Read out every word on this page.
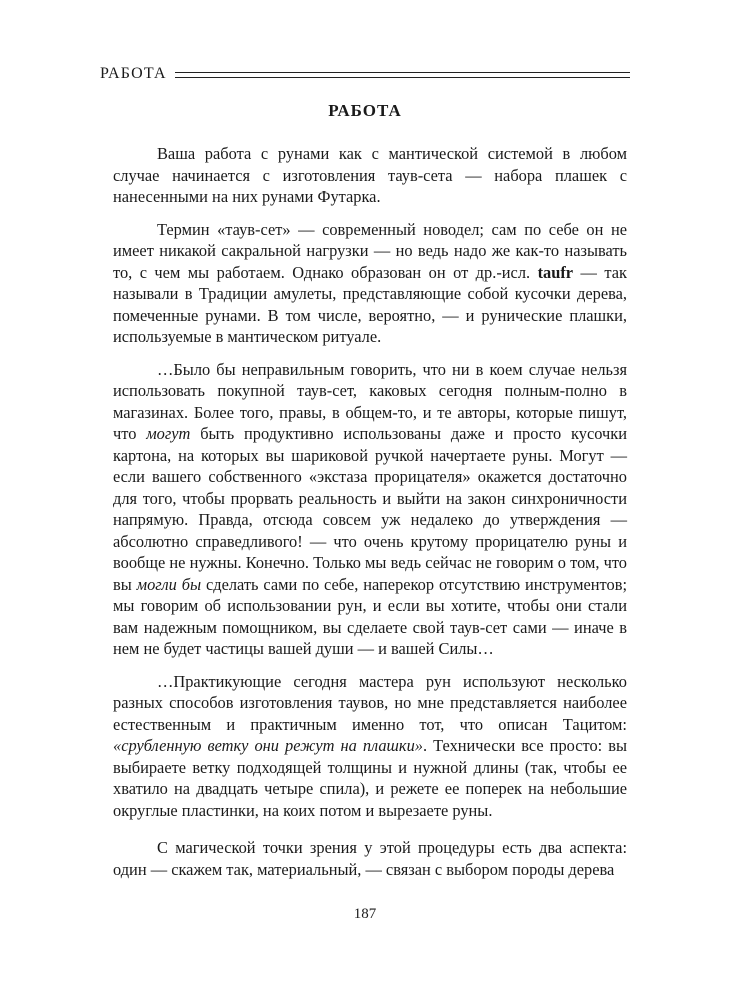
РАБОТА
РАБОТА

Ваша работа с рунами как с мантической системой в любом случае начинается с изготовления таув-сета — набора плашек с нанесенными на них рунами Футарка.

Термин «таув-сет» — современный новодел; сам по себе он не имеет никакой сакральной нагрузки — но ведь надо же как-то называть то, с чем мы работаем. Однако образован он от др.-исл. taufr — так называли в Традиции амулеты, представляющие собой кусочки дерева, помеченные рунами. В том числе, вероятно, — и рунические плашки, используемые в мантическом ритуале.

…Было бы неправильным говорить, что ни в коем случае нельзя использовать покупной таув-сет, каковых сегодня полным-полно в магазинах. Более того, правы, в общем-то, и те авторы, которые пишут, что могут быть продуктивно использованы даже и просто кусочки картона, на которых вы шариковой ручкой начертаете руны. Могут — если вашего собственного «экстаза прорицателя» окажется достаточно для того, чтобы прорвать реальность и выйти на закон синхроничности напрямую. Правда, отсюда совсем уж недалеко до утверждения — абсолютно справедливого! — что очень крутому прорицателю руны и вообще не нужны. Конечно. Только мы ведь сейчас не говорим о том, что вы могли бы сделать сами по себе, наперекор отсутствию инструментов; мы говорим об использовании рун, и если вы хотите, чтобы они стали вам надежным помощником, вы сделаете свой таув-сет сами — иначе в нем не будет частицы вашей души — и вашей Силы…

…Практикующие сегодня мастера рун используют несколько разных способов изготовления таувов, но мне представляется наиболее естественным и практичным именно тот, что описан Тацитом: «срубленную ветку они режут на плашки». Технически все просто: вы выбираете ветку подходящей толщины и нужной длины (так, чтобы ее хватило на двадцать четыре спила), и режете ее поперек на небольшие округлые пластинки, на коих потом и вырезаете руны.

С магической точки зрения у этой процедуры есть два аспекта: один — скажем так, материальный, — связан с выбором породы дерева

187
